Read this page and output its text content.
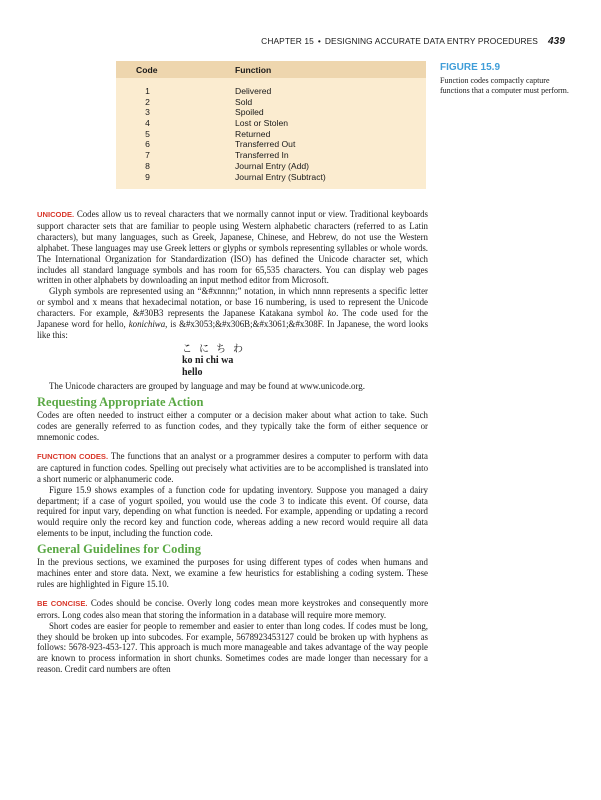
CHAPTER 15 • DESIGNING ACCURATE DATA ENTRY PROCEDURES 439
Code	Function
1	Delivered
2	Sold
3	Spoiled
4	Lost or Stolen
5	Returned
6	Transferred Out
7	Transferred In
8	Journal Entry (Add)
9	Journal Entry (Subtract)
FIGURE 15.9
Function codes compactly capture functions that a computer must perform.

UNICODE. Codes allow us to reveal characters that we normally cannot input or view. Traditional keyboards support character sets that are familiar to people using Western alphabetic characters (referred to as Latin characters), but many languages, such as Greek, Japanese, Chinese, and Hebrew, do not use the Western alphabet. These languages may use Greek letters or glyphs or symbols representing syllables or whole words. The International Organization for Standardization (ISO) has defined the Unicode character set, which includes all standard language symbols and has room for 65,535 characters. You can display web pages written in other alphabets by downloading an input method editor from Microsoft.

Glyph symbols are represented using an “&#xnnnn;” notation, in which nnnn represents a specific letter or symbol and x means that hexadecimal notation, or base 16 numbering, is used to represent the Unicode characters. For example, &#30B3 represents the Japanese Katakana symbol ko. The code used for the Japanese word for hello, konichiwa, is &#x3053;&#x306B;&#x3061;&#x308F. In Japanese, the word looks like this:

こにちわ
ko ni chi wa
hello

The Unicode characters are grouped by language and may be found at www.unicode.org.

Requesting Appropriate Action

Codes are often needed to instruct either a computer or a decision maker about what action to take. Such codes are generally referred to as function codes, and they typically take the form of either sequence or mnemonic codes.

FUNCTION CODES. The functions that an analyst or a programmer desires a computer to perform with data are captured in function codes. Spelling out precisely what activities are to be accomplished is translated into a short numeric or alphanumeric code.

Figure 15.9 shows examples of a function code for updating inventory. Suppose you managed a dairy department; if a case of yogurt spoiled, you would use the code 3 to indicate this event. Of course, data required for input vary, depending on what function is needed. For example, appending or updating a record would require only the record key and function code, whereas adding a new record would require all data elements to be input, including the function code.

General Guidelines for Coding

In the previous sections, we examined the purposes for using different types of codes when humans and machines enter and store data. Next, we examine a few heuristics for establishing a coding system. These rules are highlighted in Figure 15.10.

BE CONCISE. Codes should be concise. Overly long codes mean more keystrokes and consequently more errors. Long codes also mean that storing the information in a database will require more memory.

Short codes are easier for people to remember and easier to enter than long codes. If codes must be long, they should be broken up into subcodes. For example, 5678923453127 could be broken up with hyphens as follows: 5678-923-453-127. This approach is much more manageable and takes advantage of the way people are known to process information in short chunks. Sometimes codes are made longer than necessary for a reason. Credit card numbers are often
